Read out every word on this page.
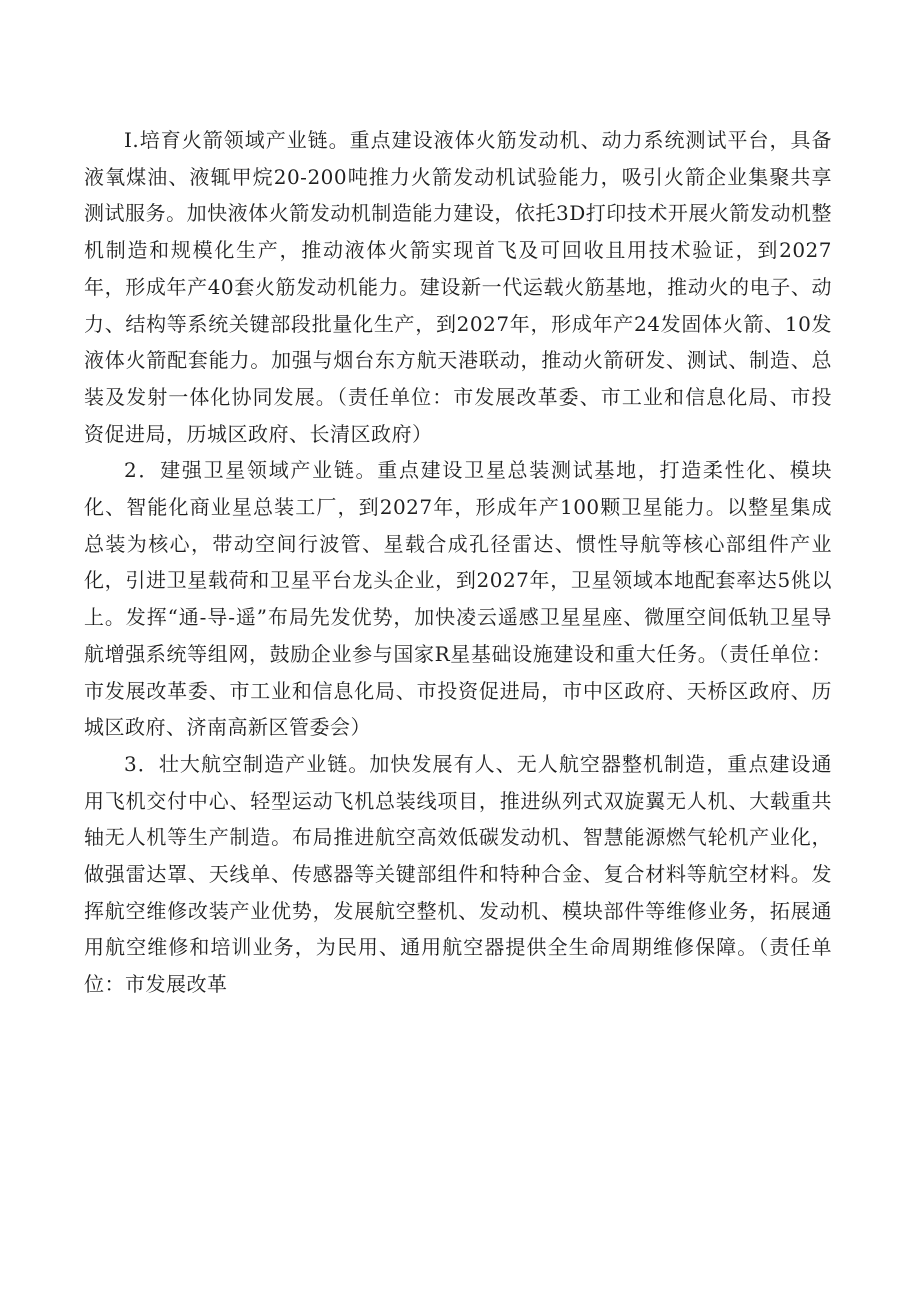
I.培育火箭领域产业链。重点建设液体火筋发动机、动力系统测试平台，具备液氧煤油、液辄甲烷20-200吨推力火箭发动机试验能力，吸引火箭企业集聚共享测试服务。加快液体火箭发动机制造能力建设，依托3D打印技术开展火箭发动机整机制造和规模化生产，推动液体火箭实现首飞及可回收且用技术验证，到2027年，形成年产40套火筋发动机能力。建设新一代运载火筋基地，推动火的电子、动力、结构等系统关键部段批量化生产，到2027年，形成年产24发固体火箭、10发液体火箭配套能力。加强与烟台东方航天港联动，推动火箭研发、测试、制造、总装及发射一体化协同发展。（责任单位：市发展改革委、市工业和信息化局、市投资促进局，历城区政府、长清区政府）

2．建强卫星领域产业链。重点建设卫星总装测试基地，打造柔性化、模块化、智能化商业星总装工厂，到2027年，形成年产100颗卫星能力。以整星集成总装为核心，带动空间行波管、星载合成孔径雷达、惯性导航等核心部组件产业化，引进卫星载荷和卫星平台龙头企业，到2027年，卫星领域本地配套率达5佻以上。发挥“通-导-遥”布局先发优势，加快凌云遥感卫星星座、微厘空间低轨卫星导航增强系统等组网，鼓励企业参与国家R星基础设施建设和重大任务。（责任单位：市发展改革委、市工业和信息化局、市投资促进局，市中区政府、天桥区政府、历城区政府、济南高新区管委会）

3．壮大航空制造产业链。加快发展有人、无人航空器整机制造，重点建设通用飞机交付中心、轻型运动飞机总装线项目，推进纵列式双旋翼无人机、大载重共轴无人机等生产制造。布局推进航空高效低碳发动机、智慧能源燃气轮机产业化，做强雷达罩、天线单、传感器等关键部组件和特种合金、复合材料等航空材料。发挥航空维修改装产业优势，发展航空整机、发动机、模块部件等维修业务，拓展通用航空维修和培训业务，为民用、通用航空器提供全生命周期维修保障。（责任单位：市发展改革
